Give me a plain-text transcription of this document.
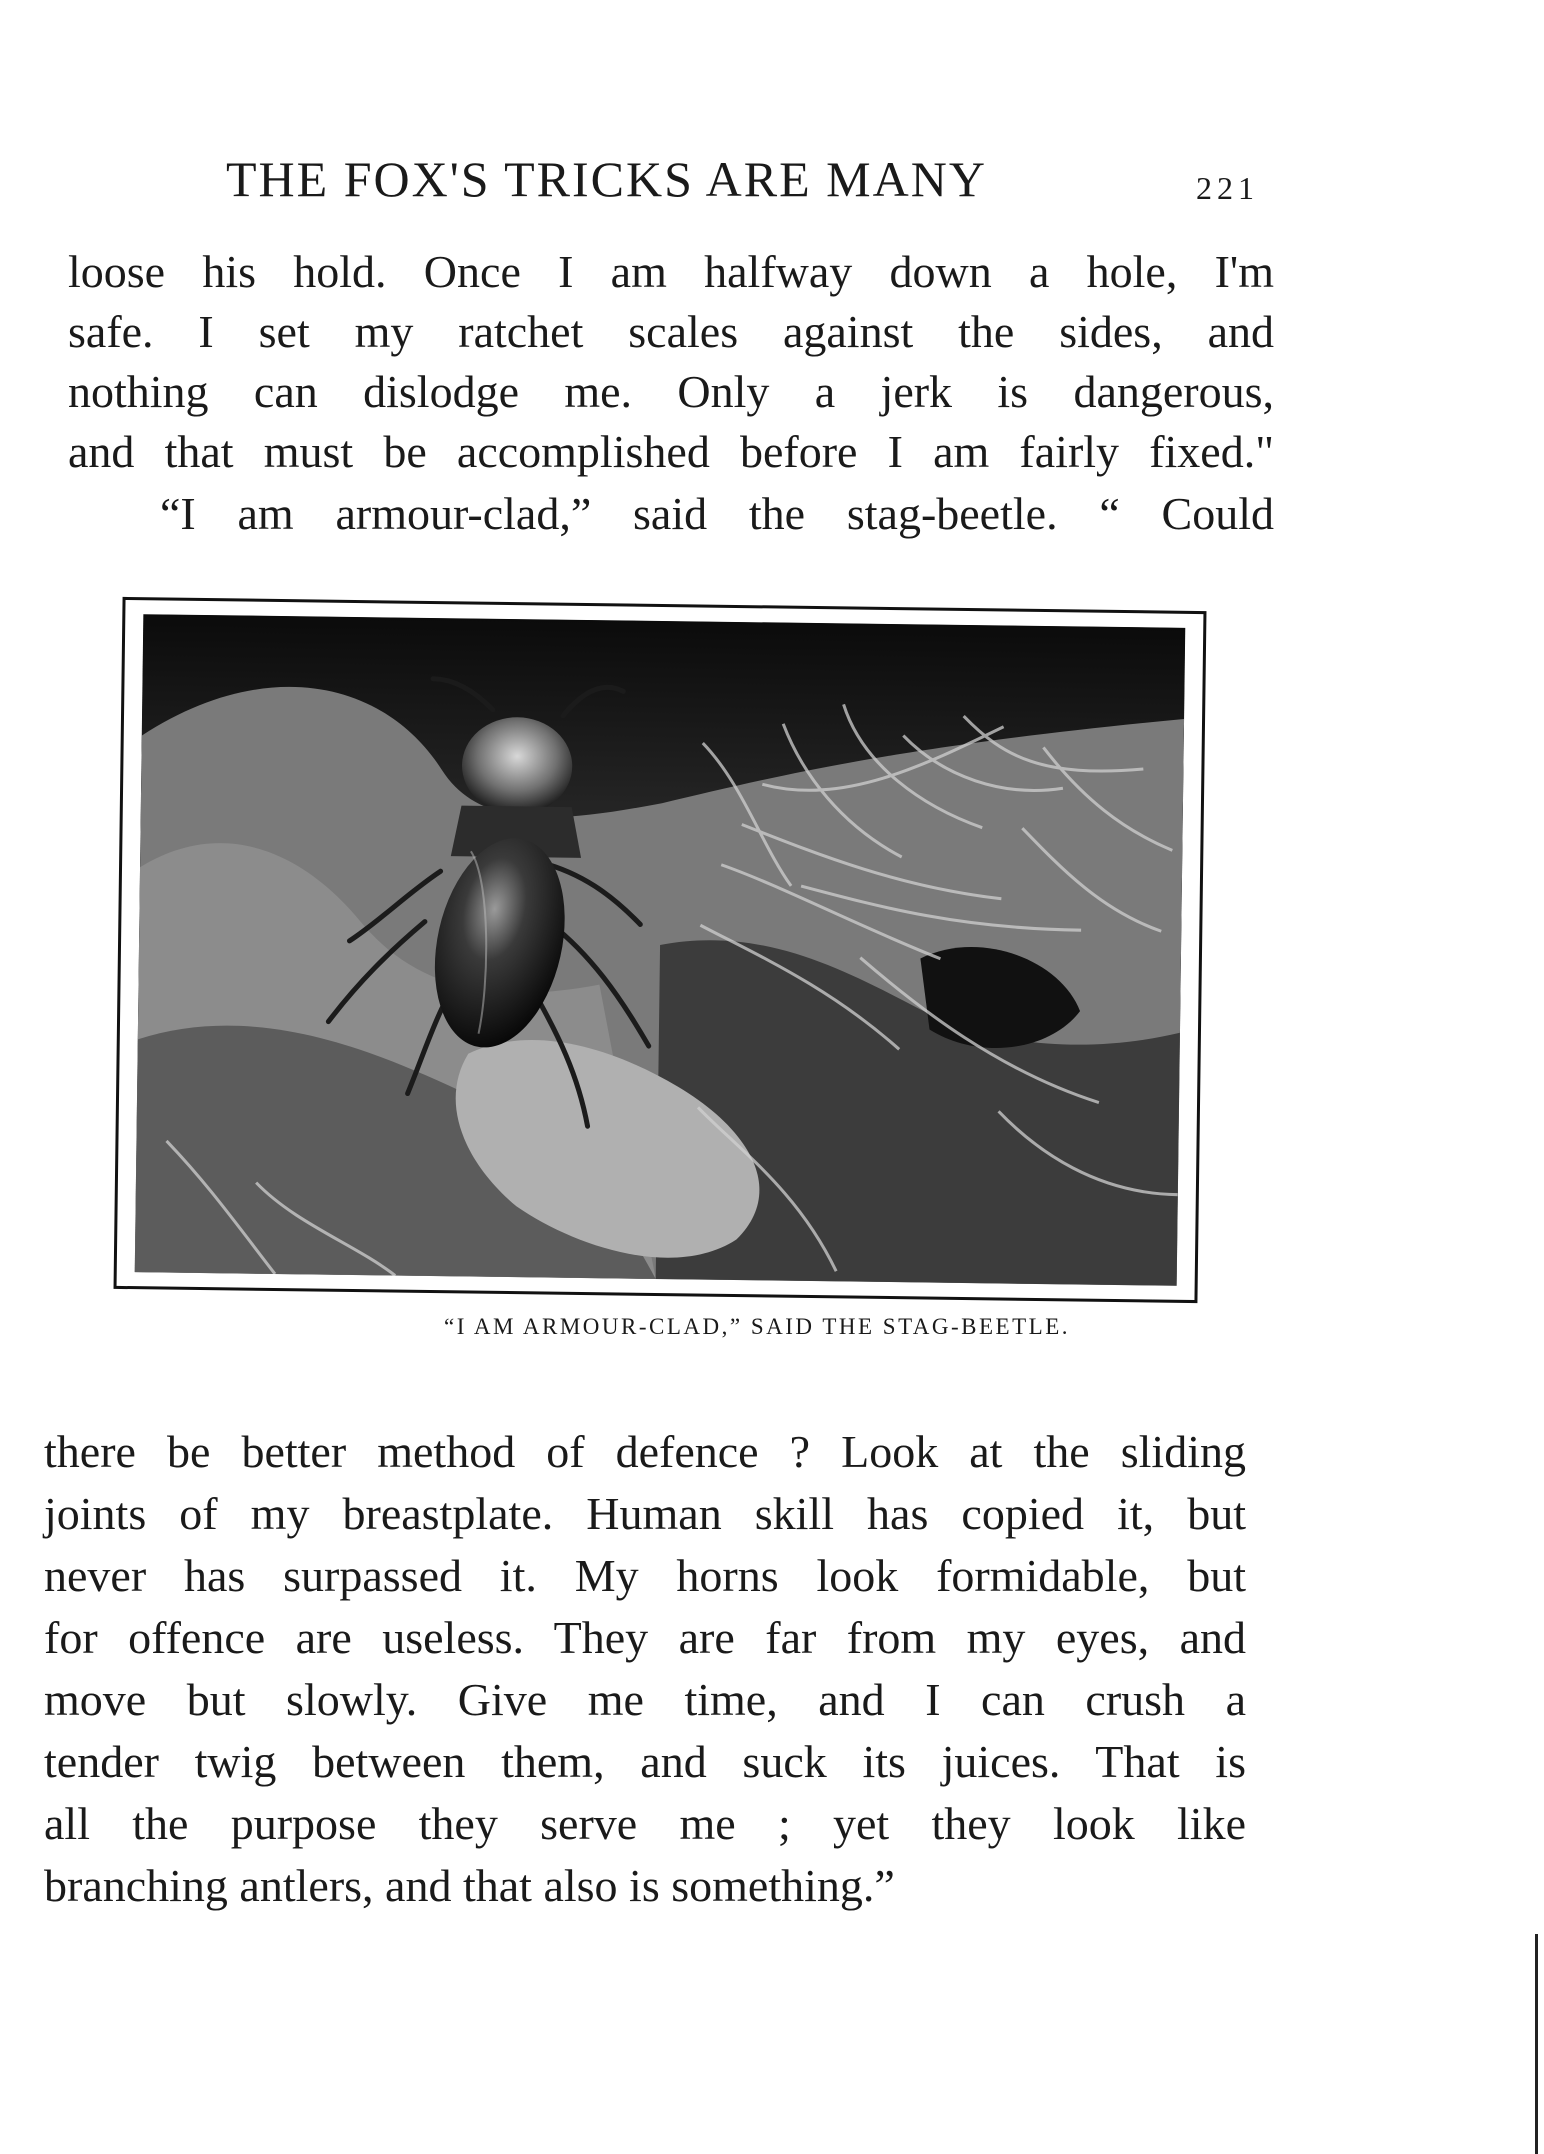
THE FOX'S TRICKS ARE MANY	221
loose his hold. Once I am halfway down a hole, I'm
safe. I set my ratchet scales against the sides, and
nothing can dislodge me. Only a jerk is dangerous,
and that must be accomplished before I am fairly fixed."
“I am armour-clad,” said the stag-beetle. “ Could
“I AM ARMOUR-CLAD,” SAID THE STAG-BEETLE.
there be better method of defence ? Look at the sliding
joints of my breastplate. Human skill has copied it, but
never has surpassed it. My horns look formidable, but
for offence are useless. They are far from my eyes, and
move but slowly. Give me time, and I can crush a
tender twig between them, and suck its juices. That is
all the purpose they serve me ; yet they look like
branching antlers, and that also is something.”
